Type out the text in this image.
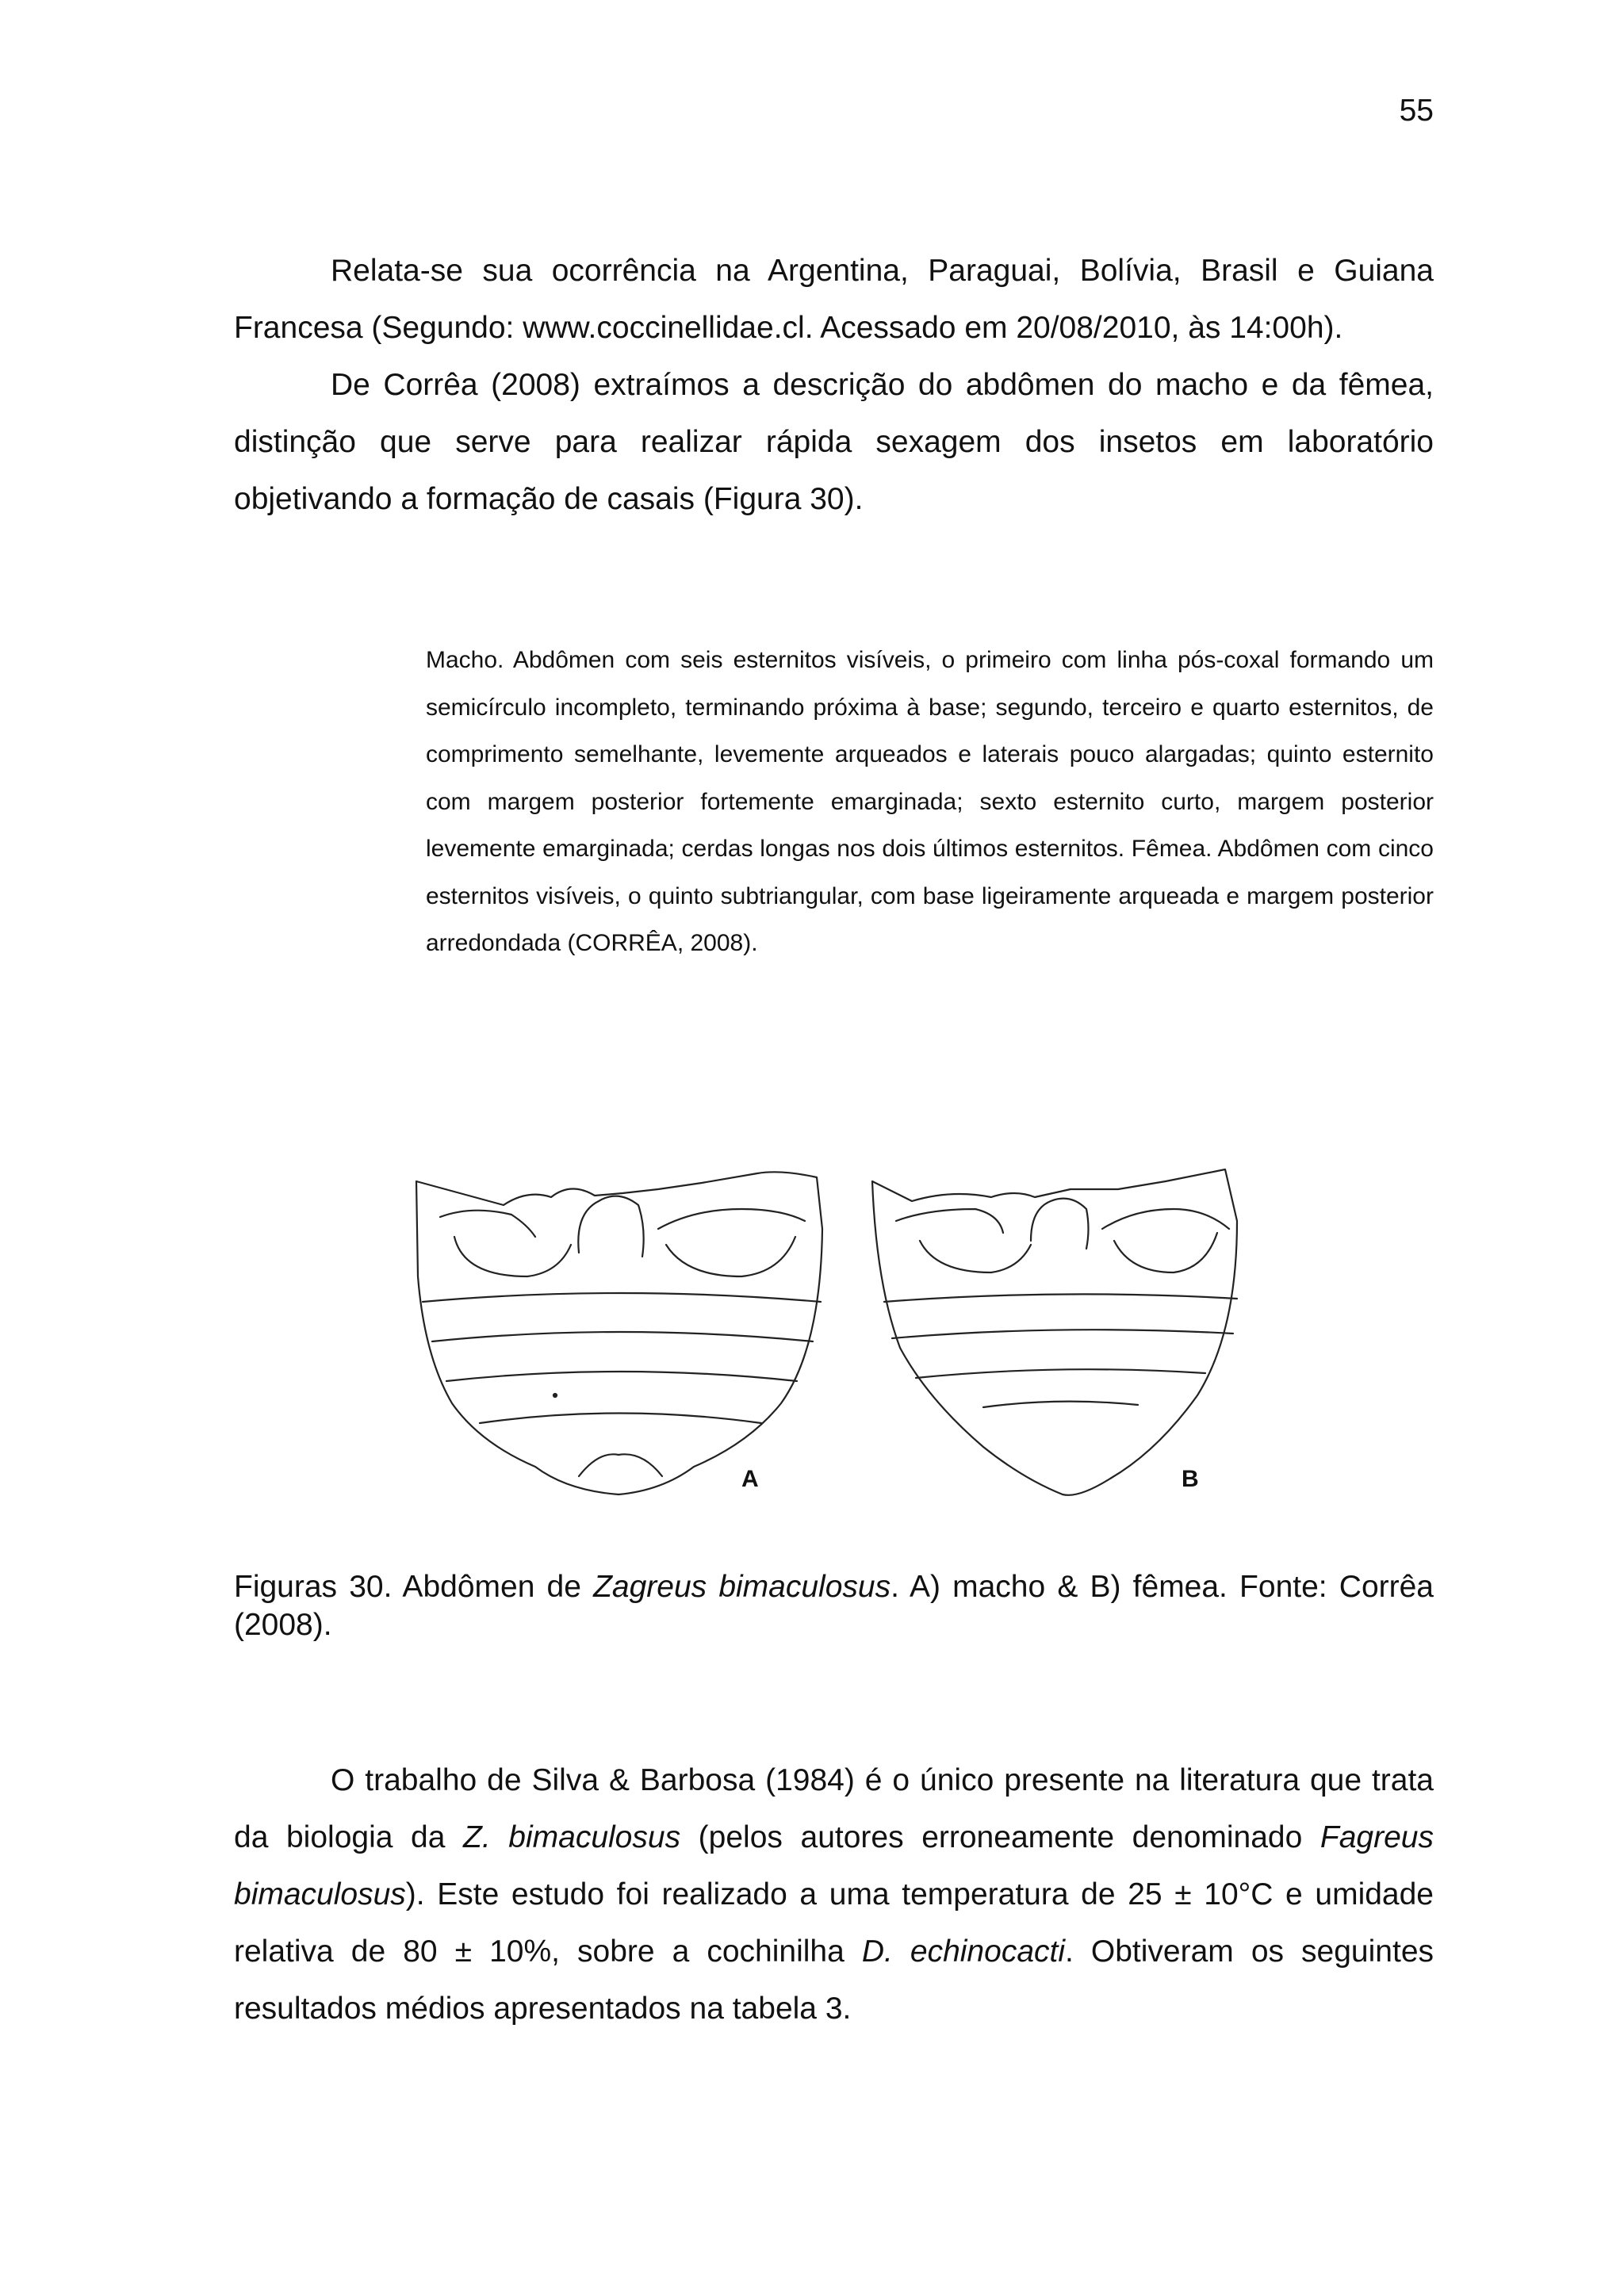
55

Relata-se sua ocorrência na Argentina, Paraguai, Bolívia, Brasil e Guiana Francesa (Segundo: www.coccinellidae.cl. Acessado em 20/08/2010, às 14:00h).

De Corrêa (2008) extraímos a descrição do abdômen do macho e da fêmea, distinção que serve para realizar rápida sexagem dos insetos em laboratório objetivando a formação de casais (Figura 30).

Macho. Abdômen com seis esternitos visíveis, o primeiro com linha pós-coxal formando um semicírculo incompleto, terminando próxima à base; segundo, terceiro e quarto esternitos, de comprimento semelhante, levemente arqueados e laterais pouco alargadas; quinto esternito com margem posterior fortemente emarginada; sexto esternito curto, margem posterior levemente emarginada; cerdas longas nos dois últimos esternitos. Fêmea. Abdômen com cinco esternitos visíveis, o quinto subtriangular, com base ligeiramente arqueada e margem posterior arredondada (CORRÊA, 2008).

A	B

Figuras 30. Abdômen de Zagreus bimaculosus. A) macho & B) fêmea. Fonte: Corrêa (2008).

O trabalho de Silva & Barbosa (1984) é o único presente na literatura que trata da biologia da Z. bimaculosus (pelos autores erroneamente denominado Fagreus bimaculosus). Este estudo foi realizado a uma temperatura de 25 ± 10°C e umidade relativa de 80 ± 10%, sobre a cochinilha D. echinocacti. Obtiveram os seguintes resultados médios apresentados na tabela 3.
